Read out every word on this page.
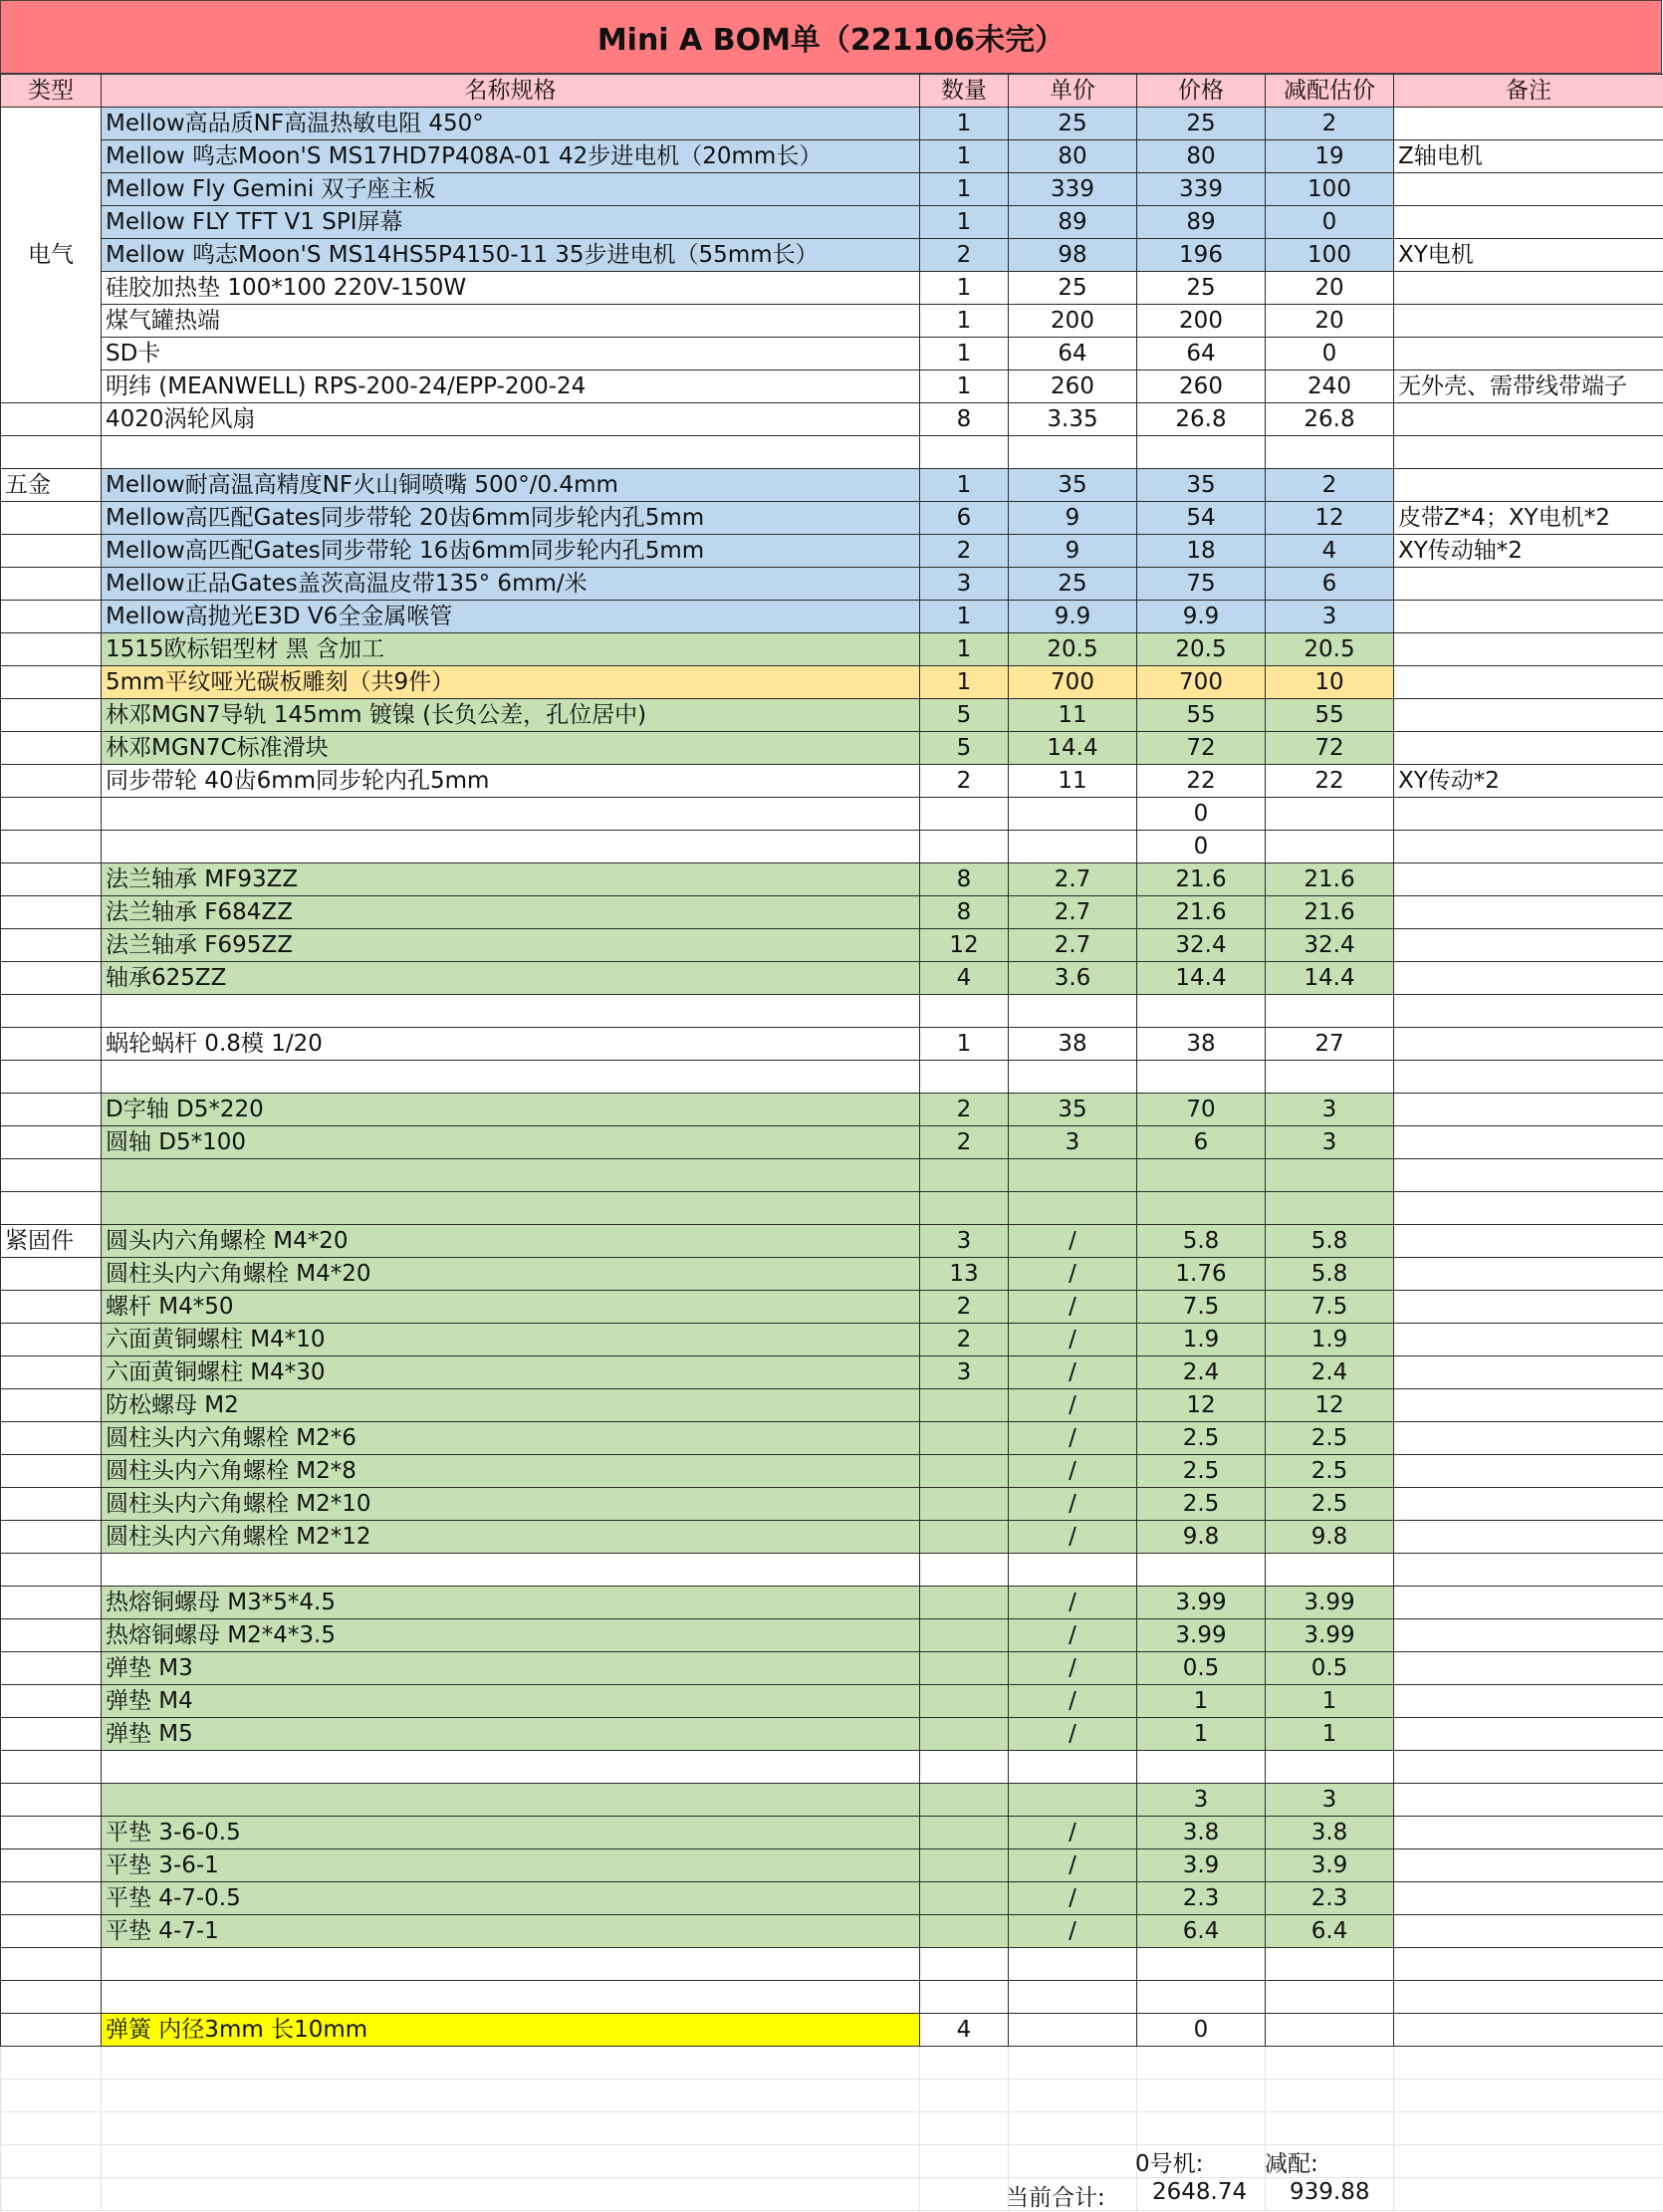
Mini A BOM单（221106未完）
类型	名称规格	数量	单价	价格	减配估价	备注
电气	Mellow高品质NF高温热敏电阻 450°	1	25	25	2	
	Mellow 鸣志Moon'S MS17HD7P408A-01 42步进电机（20mm长）	1	80	80	19	Z轴电机
	Mellow Fly Gemini 双子座主板	1	339	339	100	
	Mellow FLY TFT V1 SPI屏幕	1	89	89	0	
	Mellow 鸣志Moon'S MS14HS5P4150-11 35步进电机（55mm长）	2	98	196	100	XY电机
	硅胶加热垫 100*100 220V-150W	1	25	25	20	
	煤气罐热端	1	200	200	20	
	SD卡	1	64	64	0	
	明纬 (MEANWELL) RPS-200-24/EPP-200-24	1	260	260	240	无外壳、需带线带端子
	4020涡轮风扇	8	3.35	26.8	26.8	

五金	Mellow耐高温高精度NF火山铜喷嘴 500°/0.4mm	1	35	35	2	
	Mellow高匹配Gates同步带轮 20齿6mm同步轮内孔5mm	6	9	54	12	皮带Z*4；XY电机*2
	Mellow高匹配Gates同步带轮 16齿6mm同步轮内孔5mm	2	9	18	4	XY传动轴*2
	Mellow正品Gates盖茨高温皮带135° 6mm/米	3	25	75	6	
	Mellow高抛光E3D V6全金属喉管	1	9.9	9.9	3	
	1515欧标铝型材 黑 含加工	1	20.5	20.5	20.5	
	5mm平纹哑光碳板雕刻（共9件）	1	700	700	10	
	林邓MGN7导轨 145mm 镀镍 (长负公差，孔位居中)	5	11	55	55	
	林邓MGN7C标准滑块	5	14.4	72	72	
	同步带轮 40齿6mm同步轮内孔5mm	2	11	22	22	XY传动*2
				0		
				0		
	法兰轴承 MF93ZZ	8	2.7	21.6	21.6	
	法兰轴承 F684ZZ	8	2.7	21.6	21.6	
	法兰轴承 F695ZZ	12	2.7	32.4	32.4	
	轴承625ZZ	4	3.6	14.4	14.4	

	蜗轮蜗杆 0.8模 1/20	1	38	38	27	

	D字轴 D5*220	2	35	70	3	
	圆轴 D5*100	2	3	6	3	

紧固件	圆头内六角螺栓 M4*20	3	/	5.8	5.8	
	圆柱头内六角螺栓 M4*20	13	/	1.76	5.8	
	螺杆 M4*50	2	/	7.5	7.5	
	六面黄铜螺柱 M4*10	2	/	1.9	1.9	
	六面黄铜螺柱 M4*30	3	/	2.4	2.4	
	防松螺母 M2		/	12	12	
	圆柱头内六角螺栓 M2*6		/	2.5	2.5	
	圆柱头内六角螺栓 M2*8		/	2.5	2.5	
	圆柱头内六角螺栓 M2*10		/	2.5	2.5	
	圆柱头内六角螺栓 M2*12		/	9.8	9.8	

	热熔铜螺母 M3*5*4.5		/	3.99	3.99	
	热熔铜螺母 M2*4*3.5		/	3.99	3.99	
	弹垫 M3		/	0.5	0.5	
	弹垫 M4		/	1	1	
	弹垫 M5		/	1	1	

				3	3	
	平垫 3-6-0.5		/	3.8	3.8	
	平垫 3-6-1		/	3.9	3.9	
	平垫 4-7-0.5		/	2.3	2.3	
	平垫 4-7-1		/	6.4	6.4	

	弹簧 内径3mm 长10mm	4		0		

0号机:	减配:
当前合计: 2648.74 939.88
